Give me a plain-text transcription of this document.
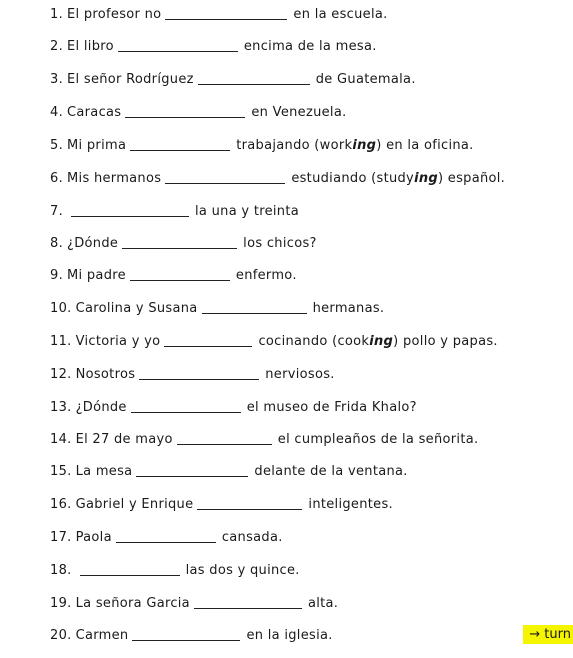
1. El profesor no	en la escuela.
2. El libro	encima de la mesa.
3. El señor Rodríguez	de Guatemala.
4. Caracas	en Venezuela.
5. Mi prima	trabajando (working) en la oficina.
6. Mis hermanos	estudiando (studying) español.
7.	la una y treinta
8. ¿Dónde	los chicos?
9. Mi padre	enfermo.
10. Carolina y Susana	hermanas.
11. Victoria y yo	cocinando (cooking) pollo y papas.
12. Nosotros	nerviosos.
13. ¿Dónde	el museo de Frida Khalo?
14. El 27 de mayo	el cumpleaños de la señorita.
15. La mesa	delante de la ventana.
16. Gabriel y Enrique	inteligentes.
17. Paola	cansada.
18.	las dos y quince.
19. La señora Garcia	alta.
20. Carmen	en la iglesia.	→ turn
